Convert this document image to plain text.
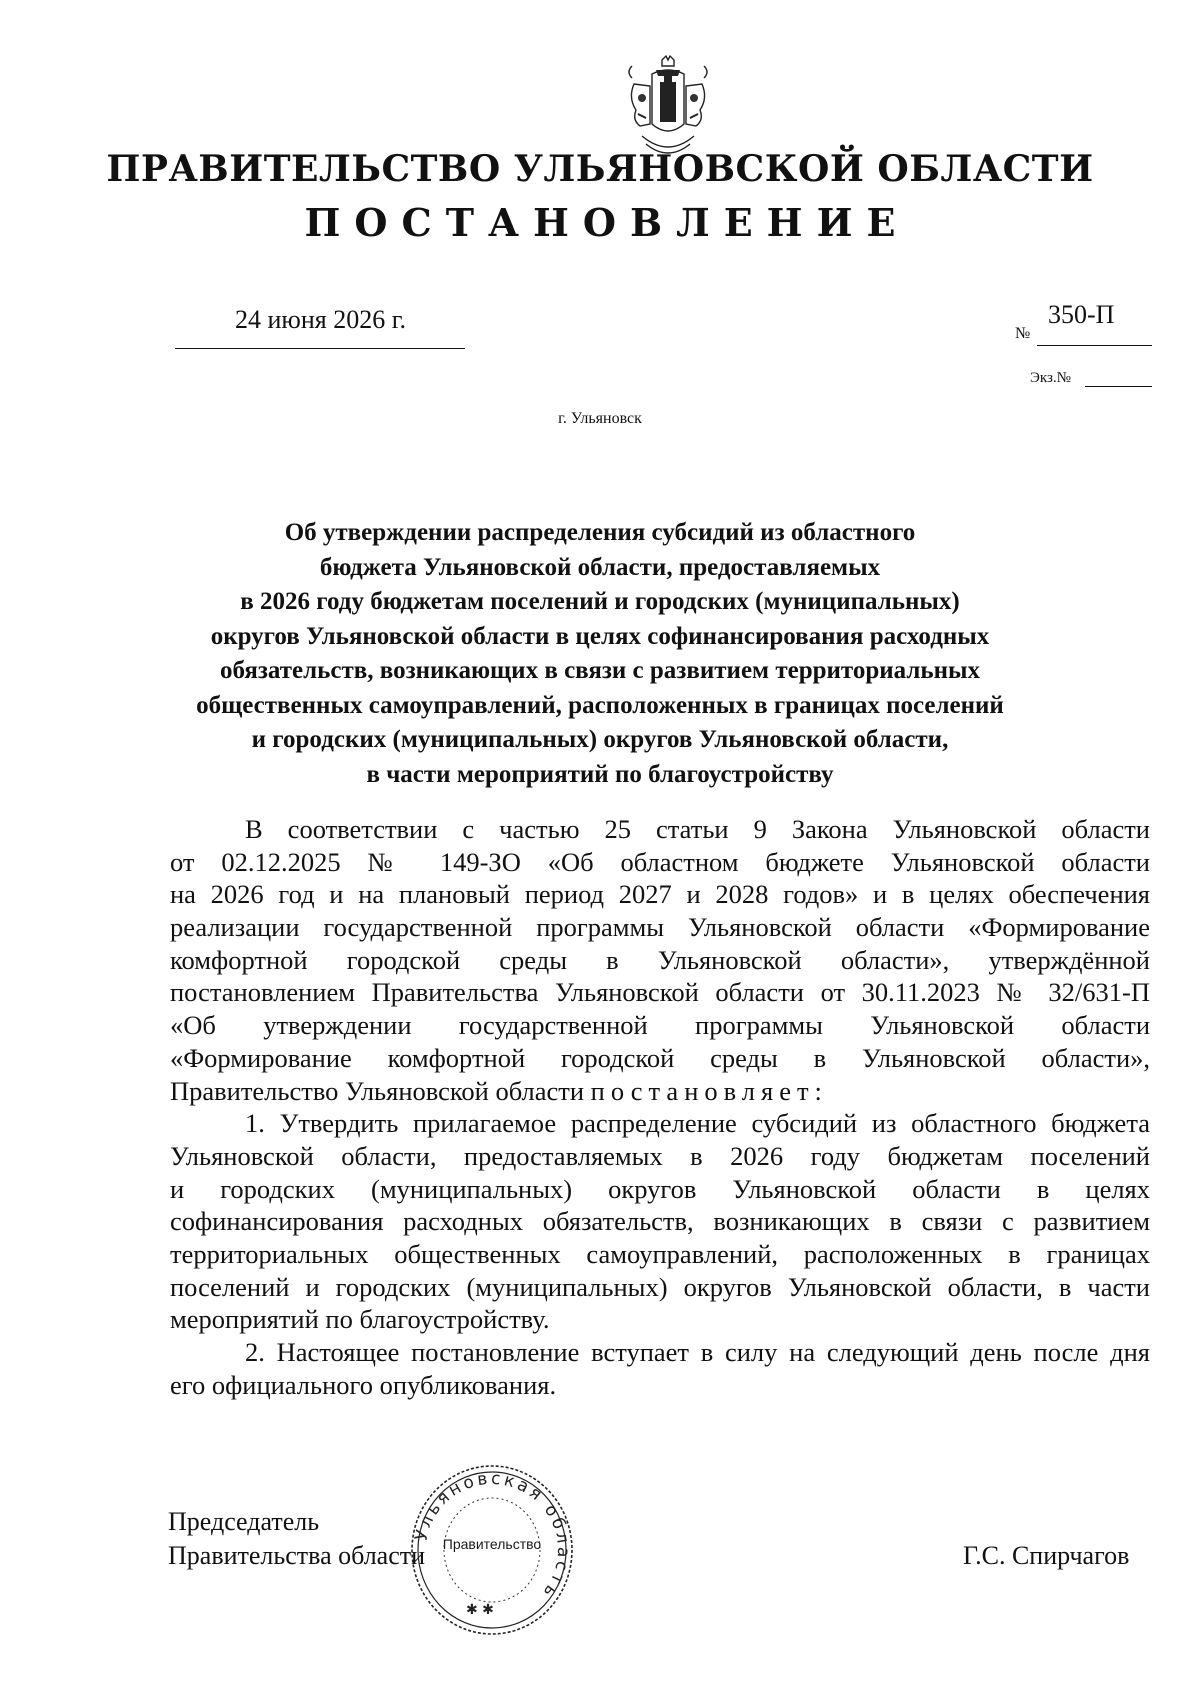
ПРАВИТЕЛЬСТВО УЛЬЯНОВСКОЙ ОБЛАСТИ
ПОСТАНОВЛЕНИЕ
24 июня 2026 г.	№
350-П
Экз.№
г. Ульяновск
Об утверждении распределения субсидий из областного
бюджета Ульяновской области, предоставляемых
в 2026 году бюджетам поселений и городских (муниципальных)
округов Ульяновской области в целях софинансирования расходных
обязательств, возникающих в связи с развитием территориальных
общественных самоуправлений, расположенных в границах поселений
и городских (муниципальных) округов Ульяновской области,
в части мероприятий по благоустройству
В соответствии с частью 25 статьи 9 Закона Ульяновской области
от 02.12.2025 № 149-ЗО «Об областном бюджете Ульяновской области
на 2026 год и на плановый период 2027 и 2028 годов» и в целях обеспечения
реализации государственной программы Ульяновской области «Формирование
комфортной городской среды в Ульяновской области», утверждённой
постановлением Правительства Ульяновской области от 30.11.2023 № 32/631-П
«Об утверждении государственной программы Ульяновской области
«Формирование комфортной городской среды в Ульяновской области»,
Правительство Ульяновской области постановляет:
1. Утвердить прилагаемое распределение субсидий из областного бюджета
Ульяновской области, предоставляемых в 2026 году бюджетам поселений
и городских (муниципальных) округов Ульяновской области в целях
софинансирования расходных обязательств, возникающих в связи с развитием
территориальных общественных самоуправлений, расположенных в границах
поселений и городских (муниципальных) округов Ульяновской области, в части
мероприятий по благоустройству.
2. Настоящее постановление вступает в силу на следующий день после дня
его официального опубликования.
Председатель
Правительства области	Г.С. Спирчагов
Ульяновская область
✱ ✱
Правительство
